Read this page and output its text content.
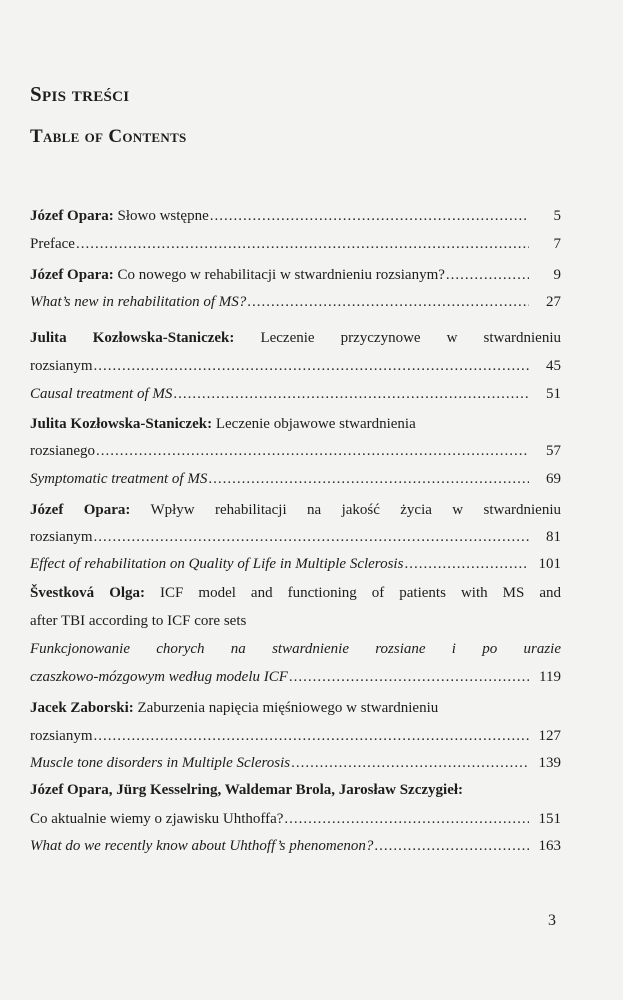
Spis treści
Table of Contents
Józef Opara: Słowo wstępne .....	5
Preface .....	7
Józef Opara: Co nowego w rehabilitacji w stwardnieniu rozsianym? .....	9
What’s new in rehabilitation of MS? .....	27
Julita Kozłowska-Staniczek: Leczenie przyczynowe w stwardnieniu
rozsianym .....	45
Causal treatment of MS .....	51
Julita Kozłowska-Staniczek: Leczenie objawowe stwardnienia
rozsianego .....	57
Symptomatic treatment of MS .....	69
Józef Opara: Wpływ rehabilitacji na jakość życia w stwardnieniu
rozsianym .....	81
Effect of rehabilitation on Quality of Life in Multiple Sclerosis .....	101
Švestková Olga: ICF model and functioning of patients with MS and
after TBI according to ICF core sets
Funkcjonowanie chorych na stwardnienie rozsiane i po urazie
czaszkowo-mózgowym według modelu ICF .....	119
Jacek Zaborski: Zaburzenia napięcia mięśniowego w stwardnieniu
rozsianym .....	127
Muscle tone disorders in Multiple Sclerosis .....	139
Józef Opara, Jürg Kesselring, Waldemar Brola, Jarosław Szczygieł:
Co aktualnie wiemy o zjawisku Uhthoffa? .....	151
What do we recently know about Uhthoff’s phenomenon? .....	163
3
